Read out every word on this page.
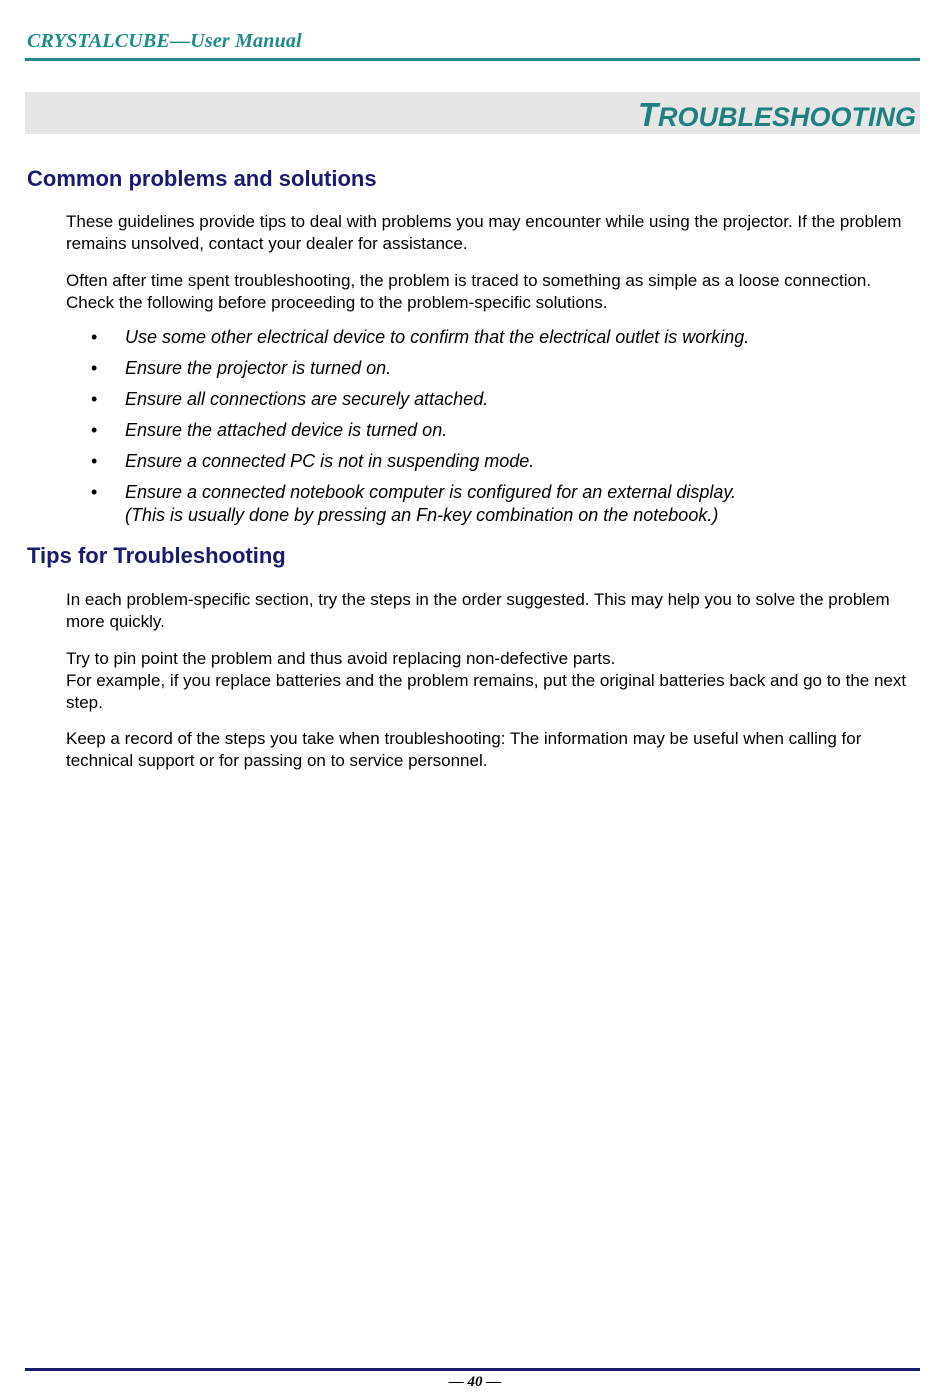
CRYSTALCUBE—User Manual
TROUBLESHOOTING
Common problems and solutions

These guidelines provide tips to deal with problems you may encounter while using the projector. If the problem remains unsolved, contact your dealer for assistance.

Often after time spent troubleshooting, the problem is traced to something as simple as a loose connection. Check the following before proceeding to the problem-specific solutions.

• Use some other electrical device to confirm that the electrical outlet is working.
• Ensure the projector is turned on.
• Ensure all connections are securely attached.
• Ensure the attached device is turned on.
• Ensure a connected PC is not in suspending mode.
• Ensure a connected notebook computer is configured for an external display.
(This is usually done by pressing an Fn-key combination on the notebook.)
Tips for Troubleshooting

In each problem-specific section, try the steps in the order suggested. This may help you to solve the problem more quickly.

Try to pin point the problem and thus avoid replacing non-defective parts.
For example, if you replace batteries and the problem remains, put the original batteries back and go to the next step.

Keep a record of the steps you take when troubleshooting: The information may be useful when calling for technical support or for passing on to service personnel.

— 40 —
